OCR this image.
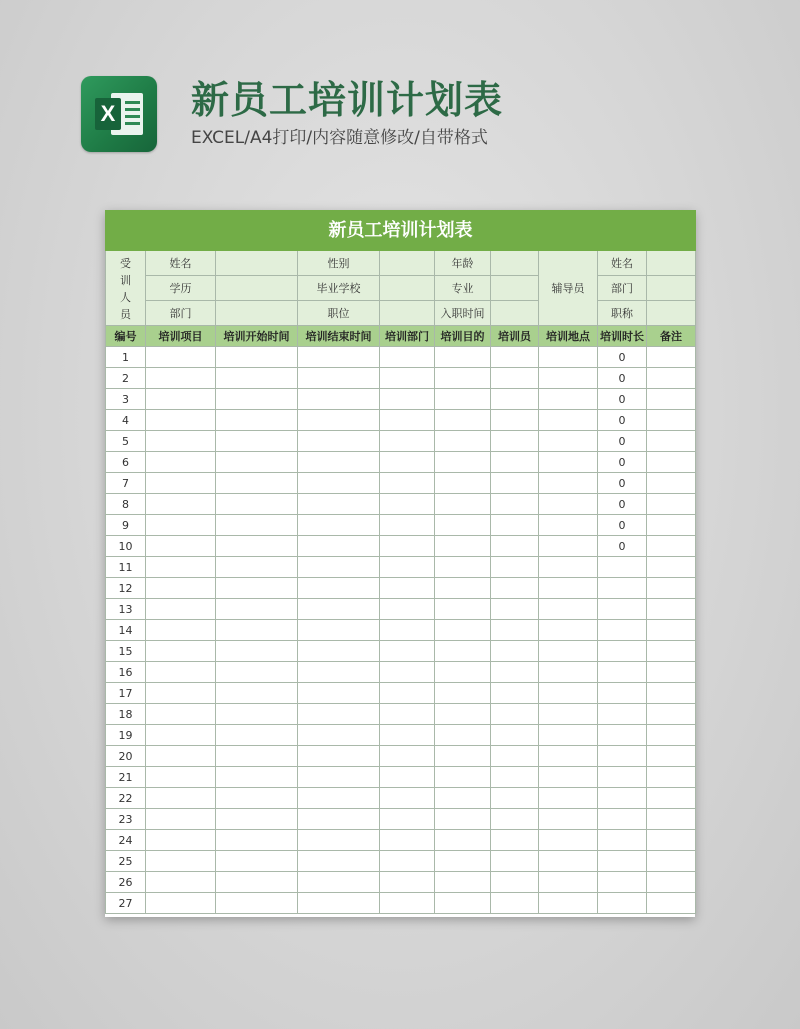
X 新员工培训计划表
EXCEL/A4打印/内容随意修改/自带格式
新员工培训计划表									

受
训
人
员	姓名		性别		年龄		辅导员	姓名	
	学历		毕业学校		专业			部门	
	部门		职位		入职时间			职称	
编号	培训项目	培训开始时间	培训结束时间	培训部门	培训目的	培训员	培训地点	培训时长	备注
1								0	
2								0	
3								0	
4								0	
5								0	
6								0	
7								0	
8								0	
9								0	
10								0	
11									
12									
13									
14									
15									
16									
17									
18									
19									
20									
21									
22									
23									
24									
25									
26									
27									
